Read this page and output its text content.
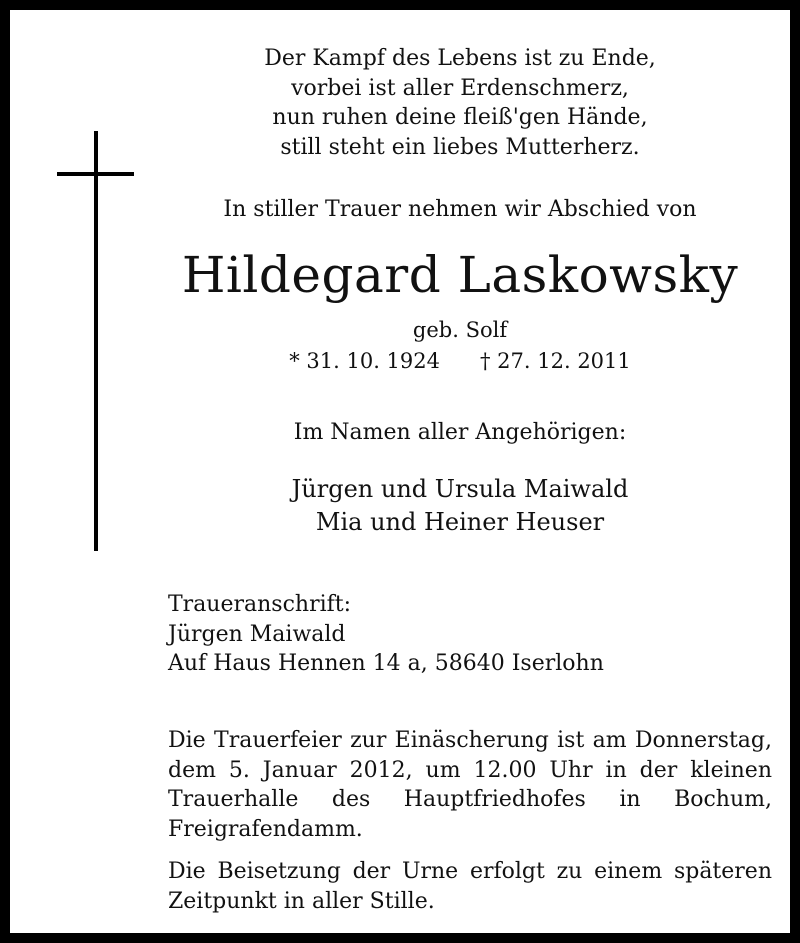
Der Kampf des Lebens ist zu Ende,
vorbei ist aller Erdenschmerz,
nun ruhen deine fleiß'gen Hände,
still steht ein liebes Mutterherz.
In stiller Trauer nehmen wir Abschied von
Hildegard Laskowsky
geb. Solf
* 31. 10. 1924 † 27. 12. 2011
Im Namen aller Angehörigen:
Jürgen und Ursula Maiwald
Mia und Heiner Heuser
Traueranschrift:
Jürgen Maiwald
Auf Haus Hennen 14 a, 58640 Iserlohn
Die Trauerfeier zur Einäscherung ist am Donnerstag, dem 5. Januar 2012, um 12.00 Uhr in der kleinen Trauerhalle des Hauptfriedhofes in Bochum, Freigrafendamm.
Die Beisetzung der Urne erfolgt zu einem späteren Zeitpunkt in aller Stille.
